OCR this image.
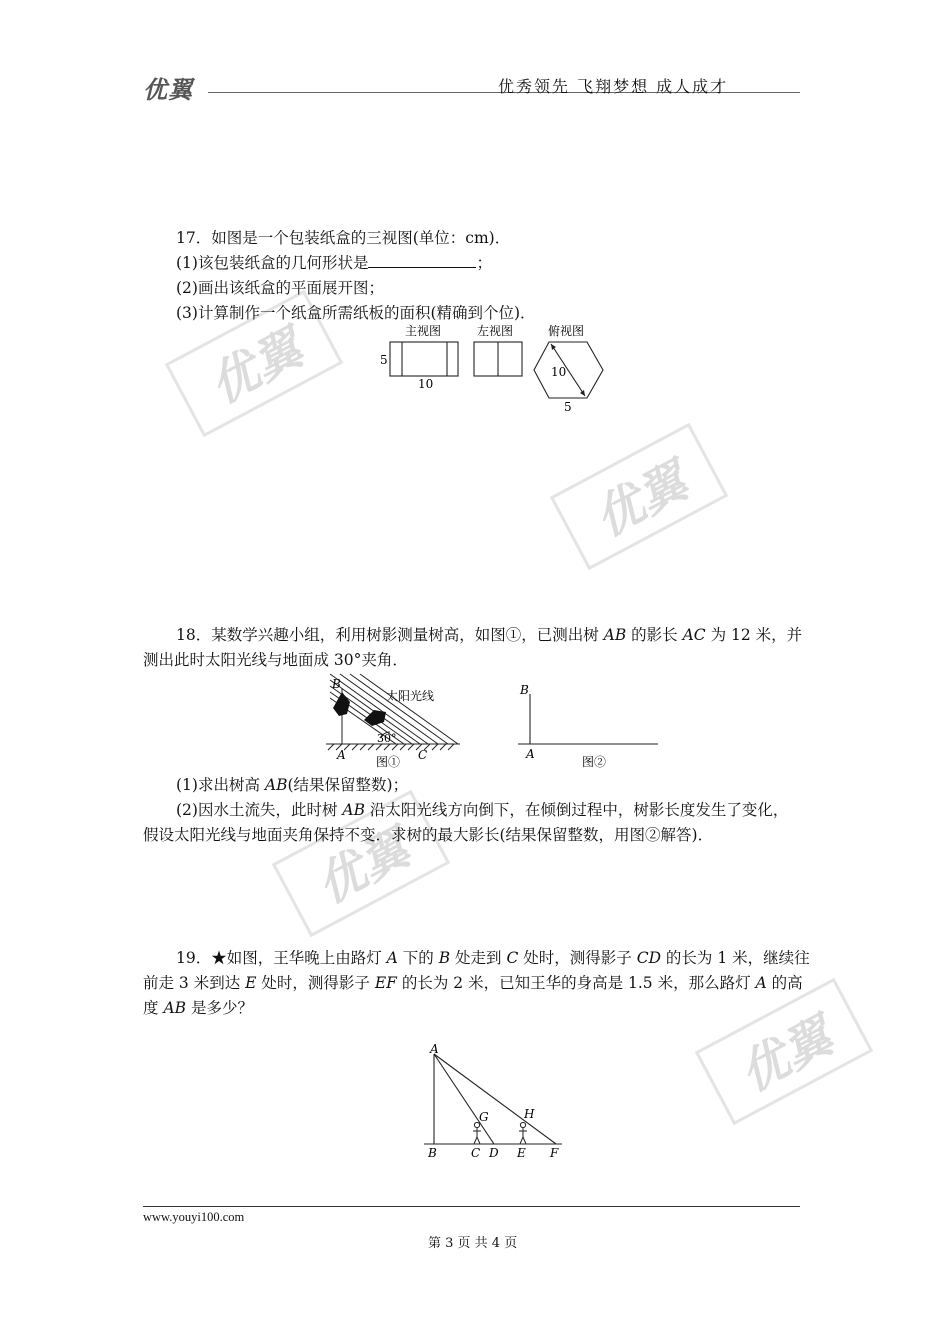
优翼	优秀领先 飞翔梦想 成人成才
优翼
优翼
优翼
优翼
17．如图是一个包装纸盒的三视图(单位：cm)．
(1)该包装纸盒的几何形状是	；
(2)画出该纸盒的平面展开图；
(3)计算制作一个纸盒所需纸板的面积(精确到个位)．
主视图	左视图	俯视图
5
10
10
5
18．某数学兴趣小组，利用树影测量树高，如图①，已测出树 AB 的影长 AC 为 12 米，并
测出此时太阳光线与地面成 30°夹角．
B
太阳光线
30°
A	C
图①
B
A
图②
(1)求出树高 AB(结果保留整数)；
(2)因水土流失，此时树 AB 沿太阳光线方向倒下，在倾倒过程中，树影长度发生了变化，
假设太阳光线与地面夹角保持不变．求树的最大影长(结果保留整数，用图②解答)．
19．★如图，王华晚上由路灯 A 下的 B 处走到 C 处时，测得影子 CD 的长为 1 米，继续往
前走 3 米到达 E 处时，测得影子 EF 的长为 2 米，已知王华的身高是 1.5 米，那么路灯 A 的高
度 AB 是多少？
A
B	C D E F
G	H
www.youyi100.com
第 3 页 共 4 页
